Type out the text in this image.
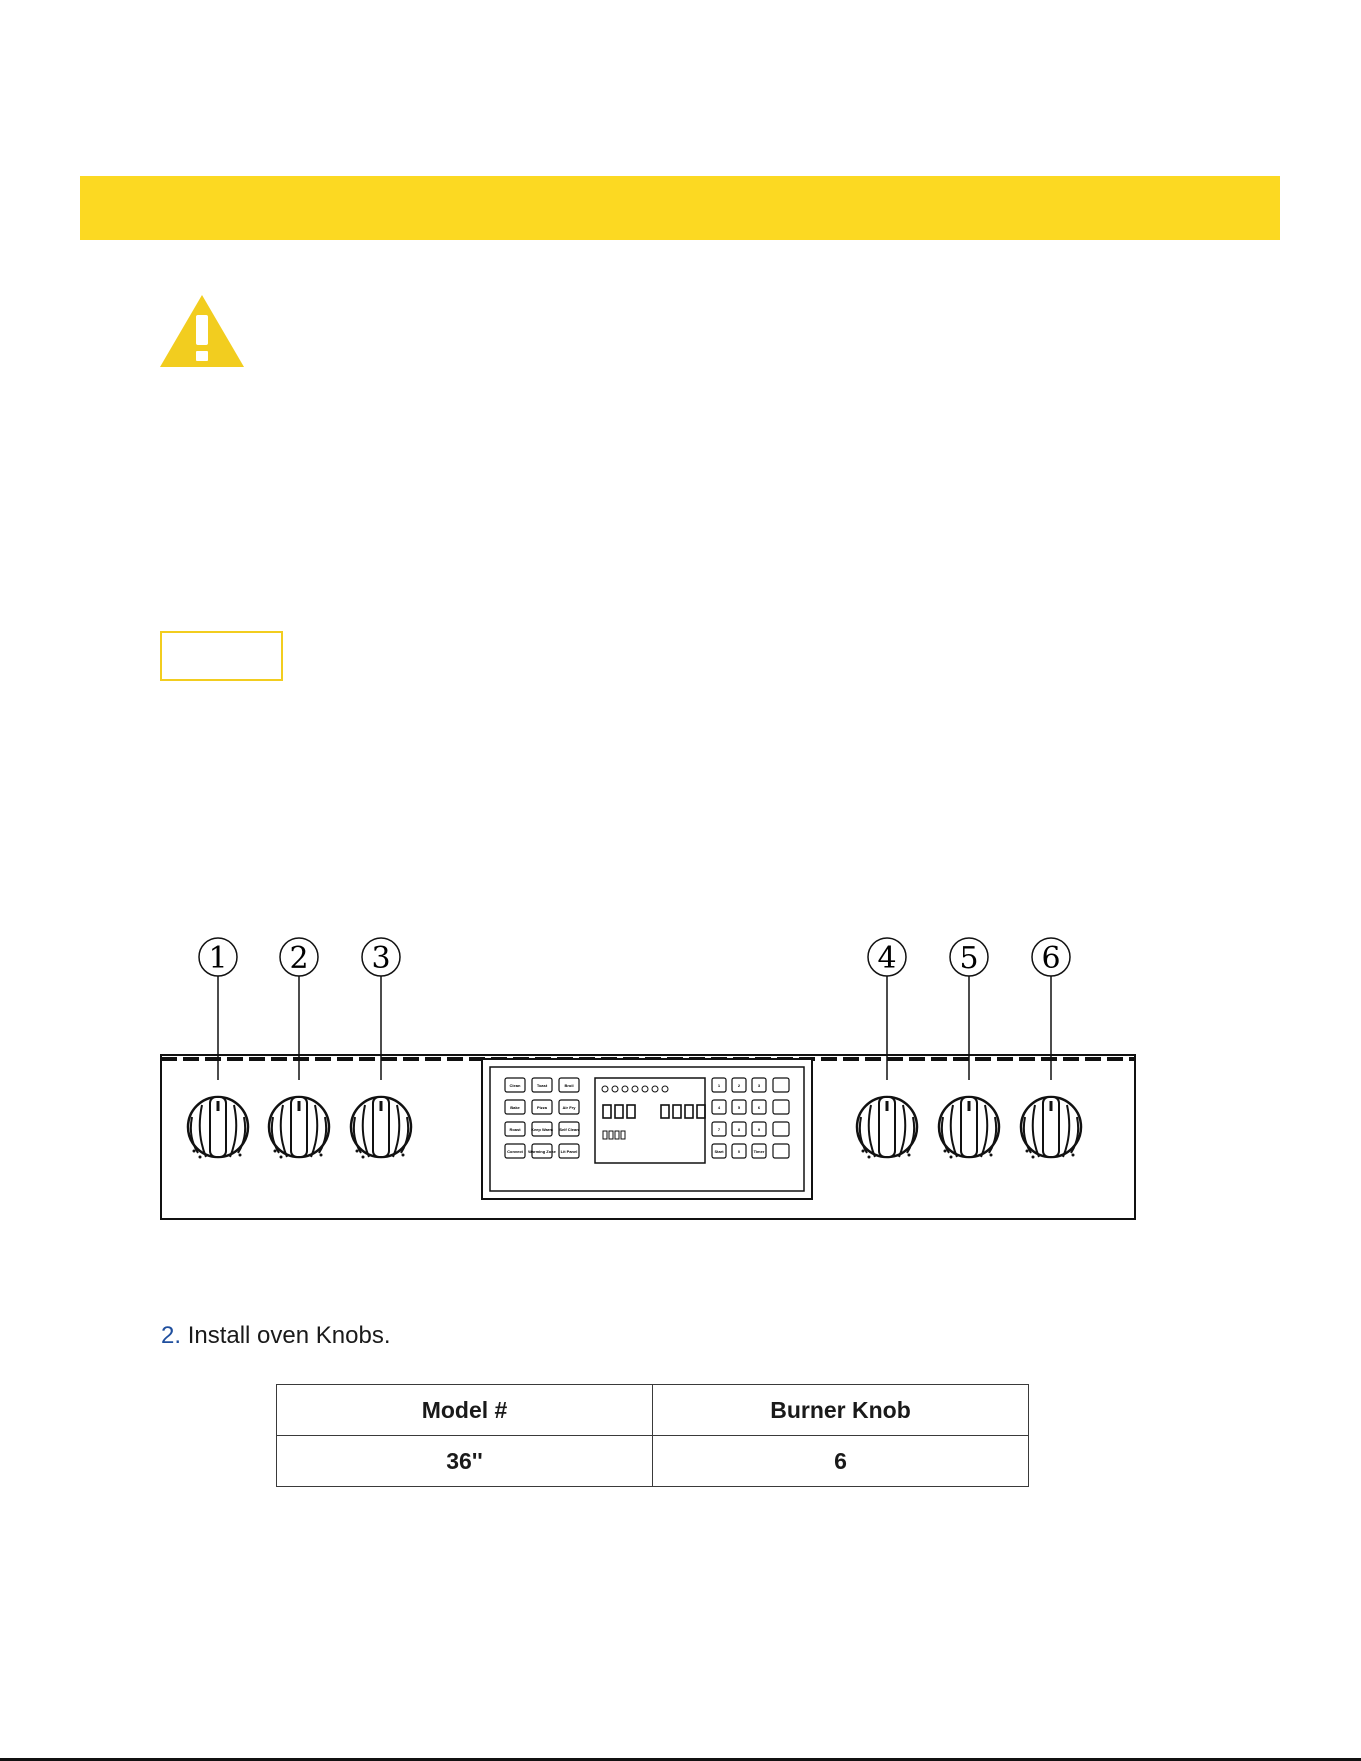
1 2 3	4 5 6
Clean	Toast	Broil
Bake	Pizza	Air Fry
Roast	Keep Warm Self Clean
Convect Warming Zone Lit Panel
1	2	3
4	5	6
7	8	9
Start	0	Timer
2. Install oven Knobs.
Model #	Burner Knob
36''	6
